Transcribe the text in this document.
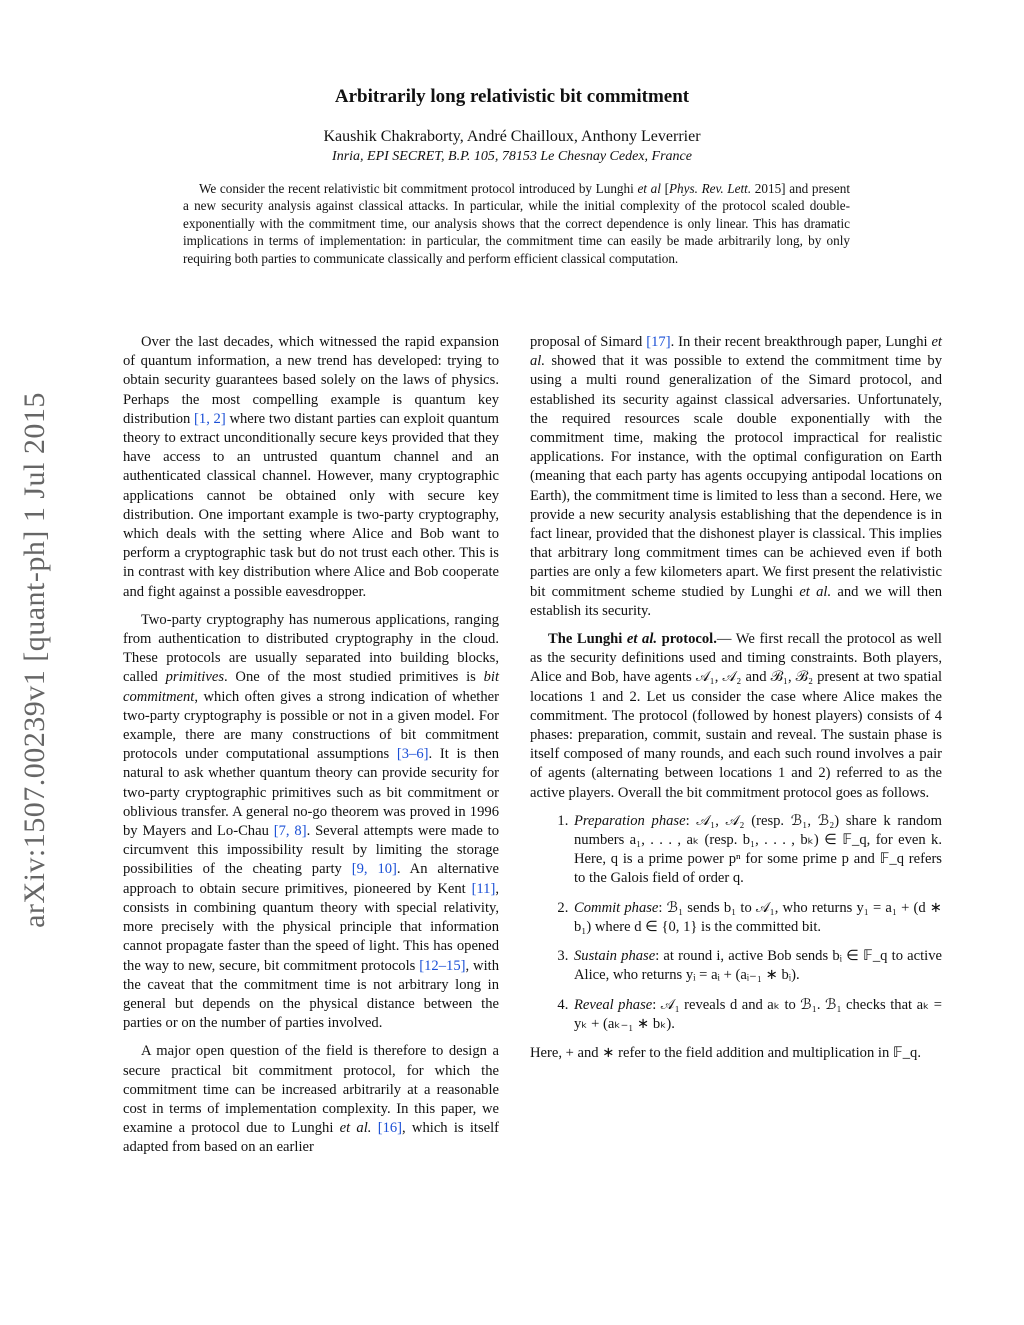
arXiv:1507.00239v1 [quant-ph] 1 Jul 2015
Arbitrarily long relativistic bit commitment
Kaushik Chakraborty, André Chailloux, Anthony Leverrier
Inria, EPI SECRET, B.P. 105, 78153 Le Chesnay Cedex, France
We consider the recent relativistic bit commitment protocol introduced by Lunghi et al [Phys. Rev. Lett. 2015] and present a new security analysis against classical attacks. In particular, while the initial complexity of the protocol scaled double-exponentially with the commitment time, our analysis shows that the correct dependence is only linear. This has dramatic implications in terms of implementation: in particular, the commitment time can easily be made arbitrarily long, by only requiring both parties to communicate classically and perform efficient classical computation.

Over the last decades, which witnessed the rapid expansion of quantum information, a new trend has developed: trying to obtain security guarantees based solely on the laws of physics. Perhaps the most compelling example is quantum key distribution [1, 2] where two distant parties can exploit quantum theory to extract unconditionally secure keys provided that they have access to an untrusted quantum channel and an authenticated classical channel. However, many cryptographic applications cannot be obtained only with secure key distribution. One important example is two-party cryptography, which deals with the setting where Alice and Bob want to perform a cryptographic task but do not trust each other. This is in contrast with key distribution where Alice and Bob cooperate and fight against a possible eavesdropper.

Two-party cryptography has numerous applications, ranging from authentication to distributed cryptography in the cloud. These protocols are usually separated into building blocks, called primitives. One of the most studied primitives is bit commitment, which often gives a strong indication of whether two-party cryptography is possible or not in a given model. For example, there are many constructions of bit commitment protocols under computational assumptions [3–6]. It is then natural to ask whether quantum theory can provide security for two-party cryptographic primitives such as bit commitment or oblivious transfer. A general no-go theorem was proved in 1996 by Mayers and Lo-Chau [7, 8]. Several attempts were made to circumvent this impossibility result by limiting the storage possibilities of the cheating party [9, 10]. An alternative approach to obtain secure primitives, pioneered by Kent [11], consists in combining quantum theory with special relativity, more precisely with the physical principle that information cannot propagate faster than the speed of light. This has opened the way to new, secure, bit commitment protocols [12–15], with the caveat that the commitment time is not arbitrary long in general but depends on the physical distance between the parties or on the number of parties involved.

A major open question of the field is therefore to design a secure practical bit commitment protocol, for which the commitment time can be increased arbitrarily at a reasonable cost in terms of implementation complexity. In this paper, we examine a protocol due to Lunghi et al. [16], which is itself adapted from based on an earlier

proposal of Simard [17]. In their recent breakthrough paper, Lunghi et al. showed that it was possible to extend the commitment time by using a multi round generalization of the Simard protocol, and established its security against classical adversaries. Unfortunately, the required resources scale double exponentially with the commitment time, making the protocol impractical for realistic applications. For instance, with the optimal configuration on Earth (meaning that each party has agents occupying antipodal locations on Earth), the commitment time is limited to less than a second. Here, we provide a new security analysis establishing that the dependence is in fact linear, provided that the dishonest player is classical. This implies that arbitrary long commitment times can be achieved even if both parties are only a few kilometers apart. We first present the relativistic bit commitment scheme studied by Lunghi et al. and we will then establish its security.

The Lunghi et al. protocol.— We first recall the protocol as well as the security definitions used and timing constraints. Both players, Alice and Bob, have agents 𝒜₁, 𝒜₂ and ℬ₁, ℬ₂ present at two spatial locations 1 and 2. Let us consider the case where Alice makes the commitment. The protocol (followed by honest players) consists of 4 phases: preparation, commit, sustain and reveal. The sustain phase is itself composed of many rounds, and each such round involves a pair of agents (alternating between locations 1 and 2) referred to as the active players. Overall the bit commitment protocol goes as follows.

1. Preparation phase: 𝒜₁, 𝒜₂ (resp. ℬ₁, ℬ₂) share k random numbers a₁, . . . , aₖ (resp. b₁, . . . , bₖ) ∈ 𝔽_q, for even k. Here, q is a prime power pⁿ for some prime p and 𝔽_q refers to the Galois field of order q.
2. Commit phase: ℬ₁ sends b₁ to 𝒜₁, who returns y₁ = a₁ + (d ∗ b₁) where d ∈ {0, 1} is the committed bit.
3. Sustain phase: at round i, active Bob sends bᵢ ∈ 𝔽_q to active Alice, who returns yᵢ = aᵢ + (aᵢ₋₁ ∗ bᵢ).
4. Reveal phase: 𝒜₁ reveals d and aₖ to ℬ₁. ℬ₁ checks that aₖ = yₖ + (aₖ₋₁ ∗ bₖ).

Here, + and ∗ refer to the field addition and multiplication in 𝔽_q.
